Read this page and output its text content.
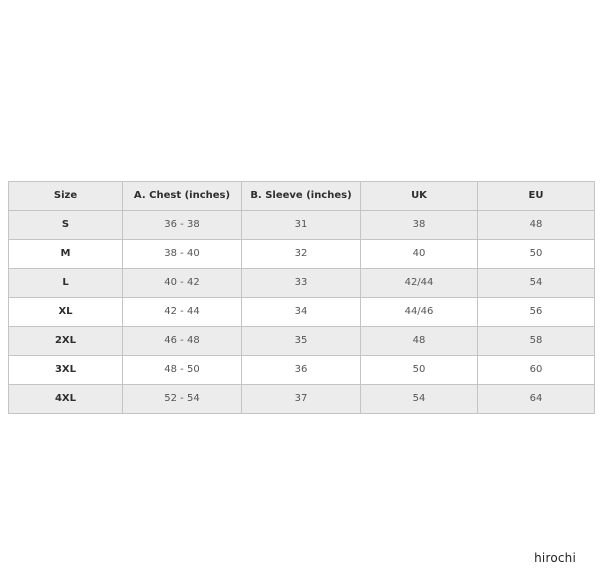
Size	A. Chest (inches)	B. Sleeve (inches)	UK	EU
S	36 - 38	31	38	48
M	38 - 40	32	40	50
L	40 - 42	33	42/44	54
XL	42 - 44	34	44/46	56
2XL	46 - 48	35	48	58
3XL	48 - 50	36	50	60
4XL	52 - 54	37	54	64
hirochi
